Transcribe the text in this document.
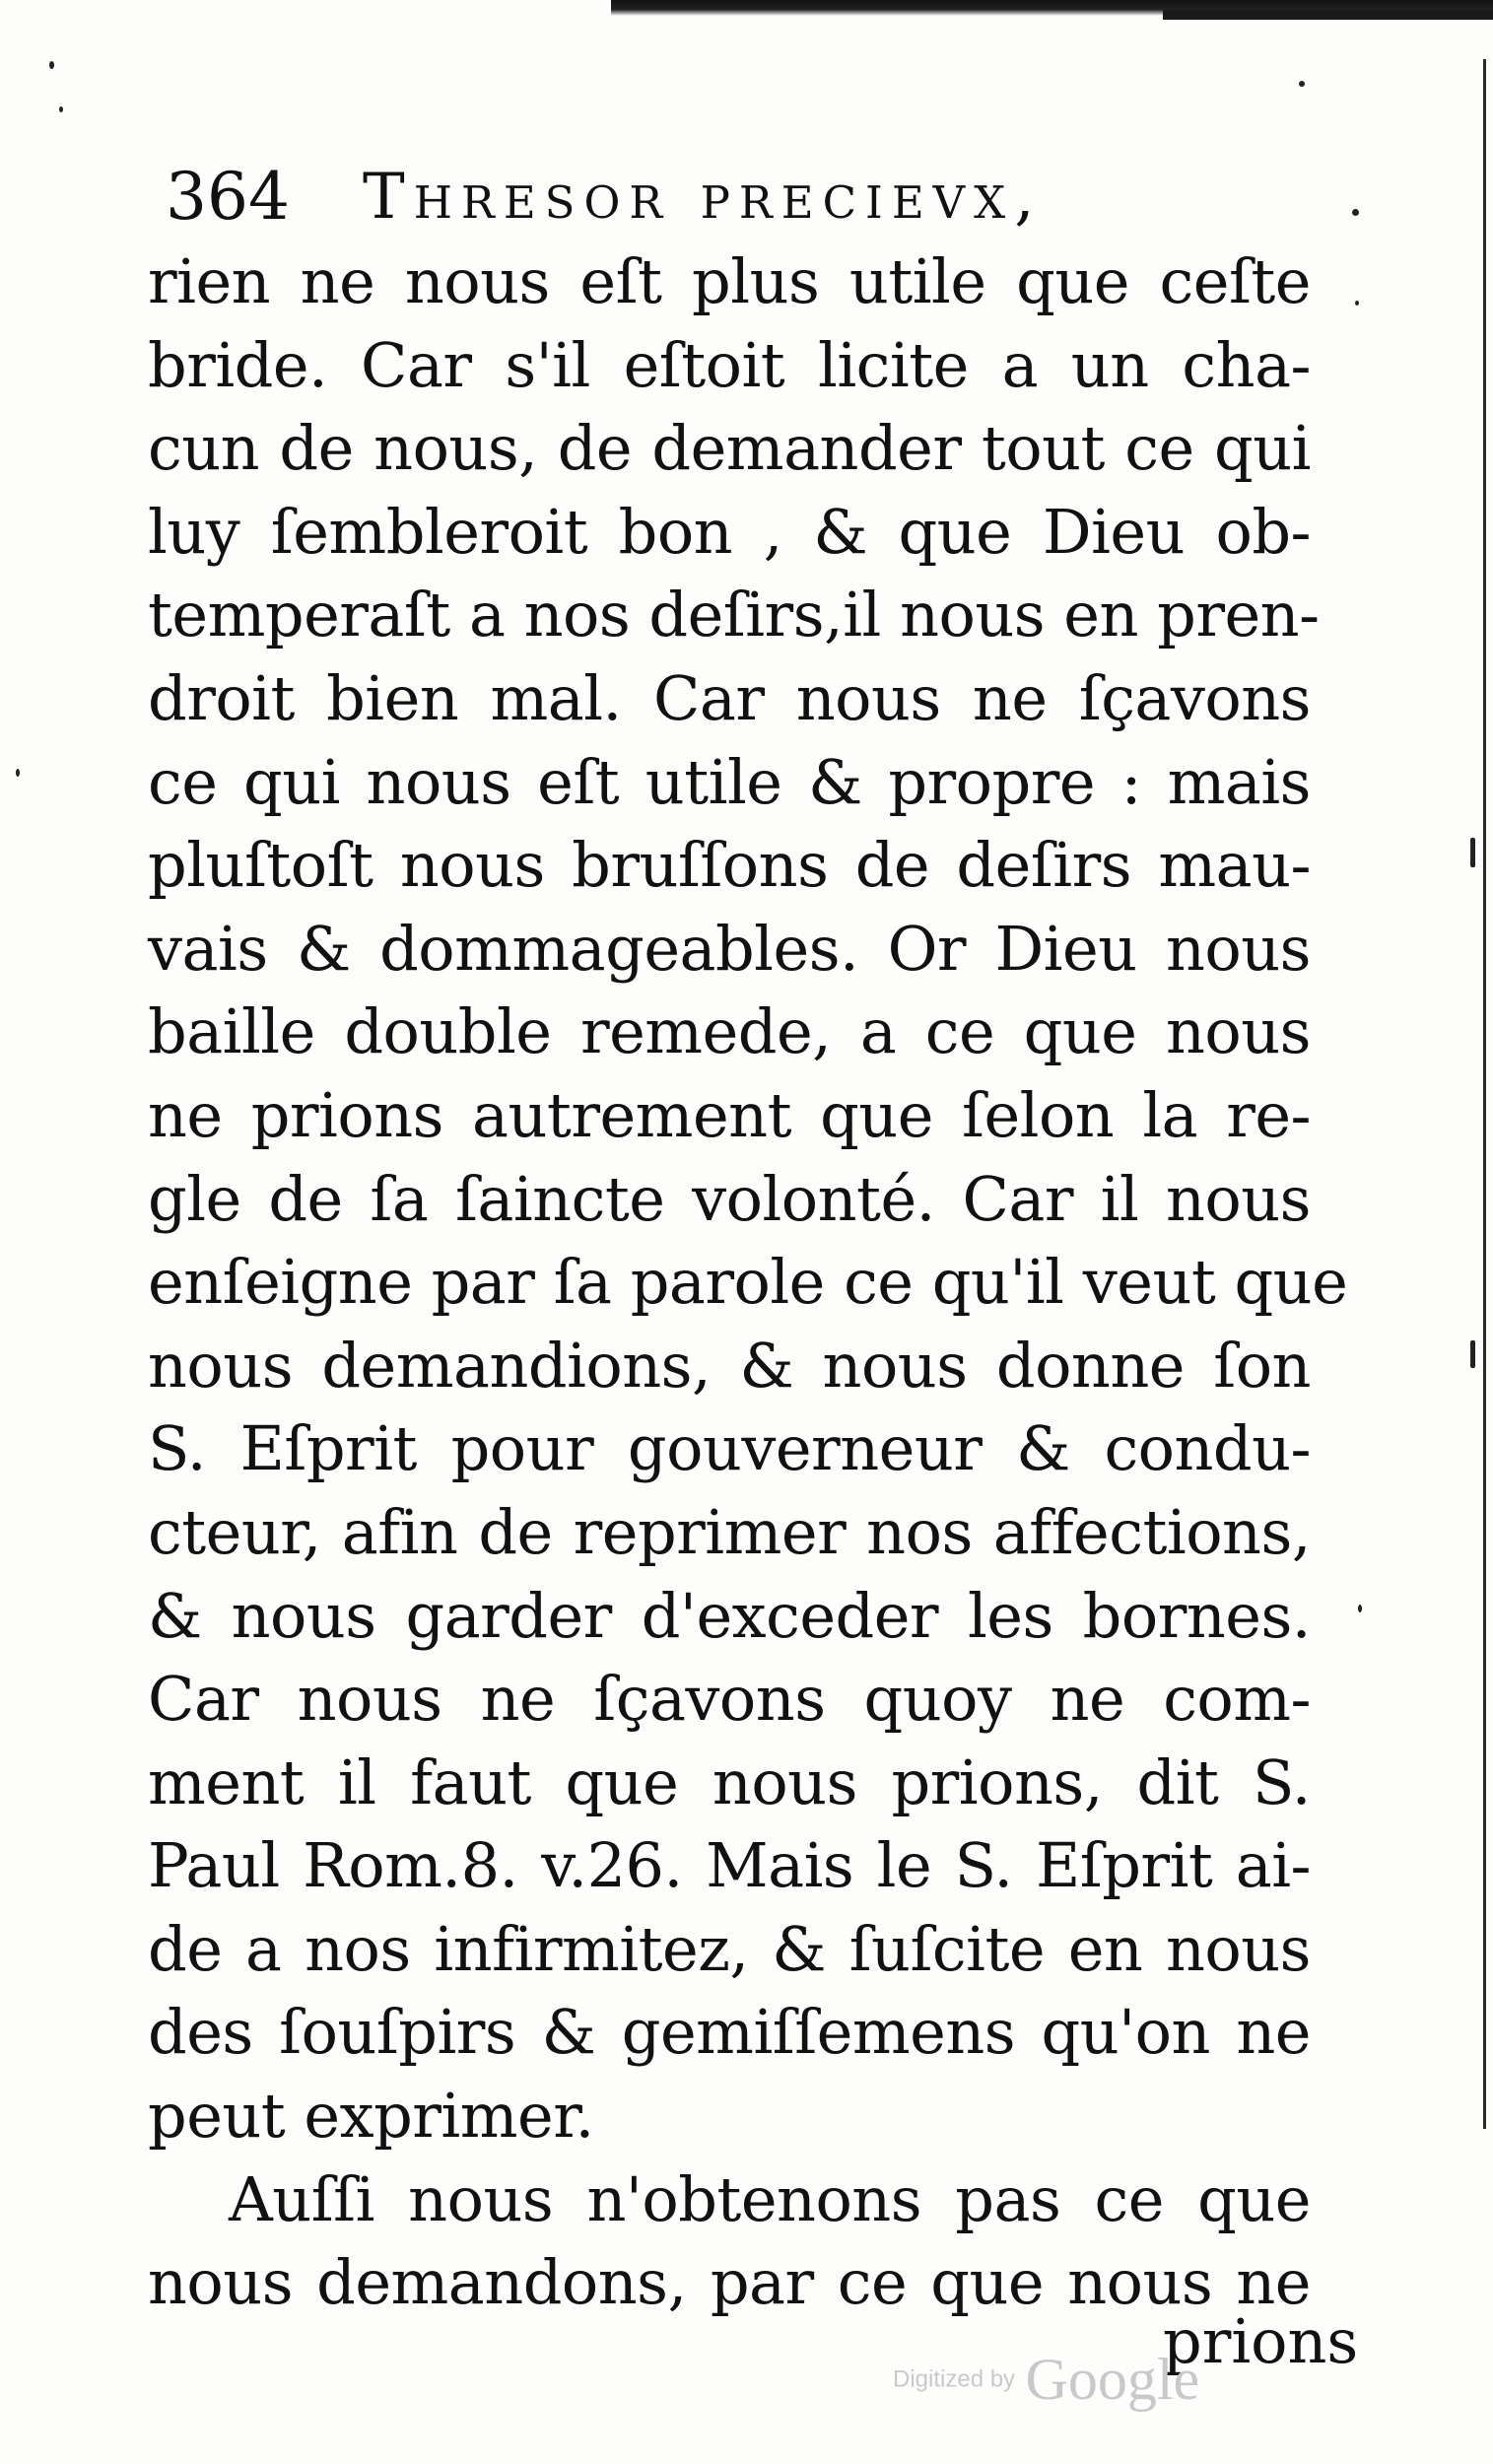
364 Thresor precievx,
rien ne nous eſt plus utile que ceſte
bride. Car s'il eſtoit licite a un cha-
cun de nous, de demander tout ce qui
luy ſembleroit bon , & que Dieu ob-
temperaſt a nos deſirs,il nous en pren-
droit bien mal. Car nous ne ſçavons
ce qui nous eſt utile & propre : mais
pluſtoſt nous bruſſons de deſirs mau-
vais & dommageables. Or Dieu nous
baille double remede, a ce que nous
ne prions autrement que ſelon la re-
gle de ſa ſaincte volonté. Car il nous
enſeigne par ſa parole ce qu'il veut que
nous demandions, & nous donne ſon
S. Eſprit pour gouverneur & condu-
cteur, afin de reprimer nos affections,
& nous garder d'exceder les bornes.
Car nous ne ſçavons quoy ne com-
ment il faut que nous prions, dit S.
Paul Rom.8. v.26. Mais le S. Eſprit ai-
de a nos infirmitez, & ſuſcite en nous
des ſouſpirs & gemiſſemens qu'on ne
peut exprimer.
Auſſi nous n'obtenons pas ce que
nous demandons, par ce que nous ne
prions
Digitized by Google
